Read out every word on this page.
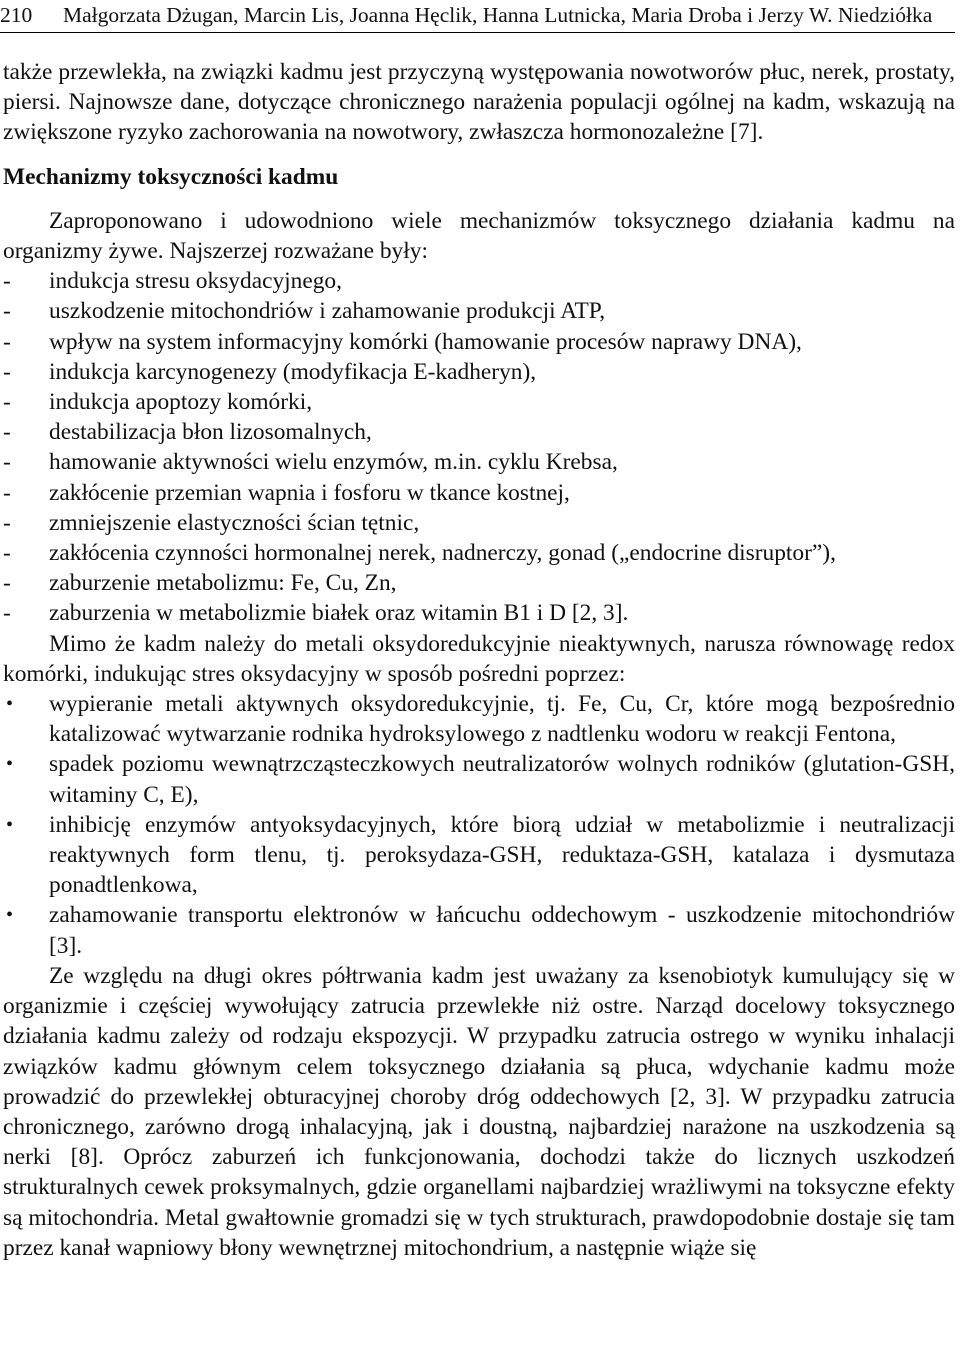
210 Małgorzata Dżugan, Marcin Lis, Joanna Hęclik, Hanna Lutnicka, Maria Droba i Jerzy W. Niedziółka

także przewlekła, na związki kadmu jest przyczyną występowania nowotworów płuc, nerek, prostaty, piersi. Najnowsze dane, dotyczące chronicznego narażenia populacji ogólnej na kadm, wskazują na zwiększone ryzyko zachorowania na nowotwory, zwłaszcza hormonozależne [7].

Mechanizmy toksyczności kadmu

Zaproponowano i udowodniono wiele mechanizmów toksycznego działania kadmu na organizmy żywe. Najszerzej rozważane były:

- indukcja stresu oksydacyjnego,
- uszkodzenie mitochondriów i zahamowanie produkcji ATP,
- wpływ na system informacyjny komórki (hamowanie procesów naprawy DNA),
- indukcja karcynogenezy (modyfikacja E-kadheryn),
- indukcja apoptozy komórki,
- destabilizacja błon lizosomalnych,
- hamowanie aktywności wielu enzymów, m.in. cyklu Krebsa,
- zakłócenie przemian wapnia i fosforu w tkance kostnej,
- zmniejszenie elastyczności ścian tętnic,
- zakłócenia czynności hormonalnej nerek, nadnerczy, gonad („endocrine disruptor”),
- zaburzenie metabolizmu: Fe, Cu, Zn,
- zaburzenia w metabolizmie białek oraz witamin B1 i D [2, 3].

Mimo że kadm należy do metali oksydoredukcyjnie nieaktywnych, narusza równowagę redox komórki, indukując stres oksydacyjny w sposób pośredni poprzez:

• wypieranie metali aktywnych oksydoredukcyjnie, tj. Fe, Cu, Cr, które mogą bezpośrednio katalizować wytwarzanie rodnika hydroksylowego z nadtlenku wodoru w reakcji Fentona,
• spadek poziomu wewnątrzcząsteczkowych neutralizatorów wolnych rodników (glutation-GSH, witaminy C, E),
• inhibicję enzymów antyoksydacyjnych, które biorą udział w metabolizmie i neutralizacji reaktywnych form tlenu, tj. peroksydaza-GSH, reduktaza-GSH, katalaza i dysmutaza ponadtlenkowa,
• zahamowanie transportu elektronów w łańcuchu oddechowym - uszkodzenie mitochondriów [3].

Ze względu na długi okres półtrwania kadm jest uważany za ksenobiotyk kumulujący się w organizmie i częściej wywołujący zatrucia przewlekłe niż ostre. Narząd docelowy toksycznego działania kadmu zależy od rodzaju ekspozycji. W przypadku zatrucia ostrego w wyniku inhalacji związków kadmu głównym celem toksycznego działania są płuca, wdychanie kadmu może prowadzić do przewlekłej obturacyjnej choroby dróg oddechowych [2, 3]. W przypadku zatrucia chronicznego, zarówno drogą inhalacyjną, jak i doustną, najbardziej narażone na uszkodzenia są nerki [8]. Oprócz zaburzeń ich funkcjonowania, dochodzi także do licznych uszkodzeń strukturalnych cewek proksymalnych, gdzie organellami najbardziej wrażliwymi na toksyczne efekty są mitochondria. Metal gwałtownie gromadzi się w tych strukturach, prawdopodobnie dostaje się tam przez kanał wapniowy błony wewnętrznej mitochondrium, a następnie wiąże się
